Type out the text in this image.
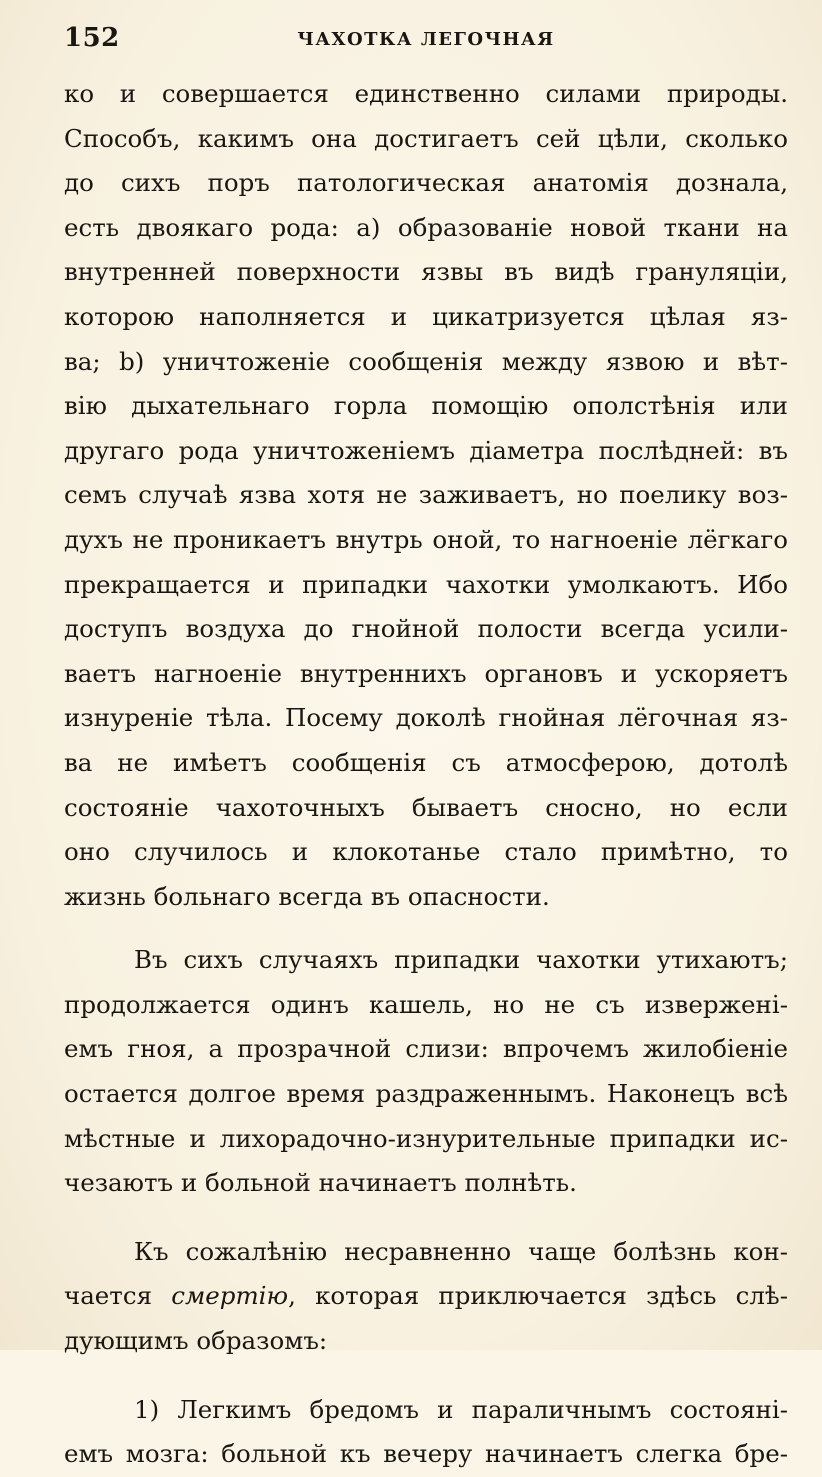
152	ЧАХОТКА ЛЕГОЧНАЯ

ко и совершается единственно силами природы.
Способъ, какимъ она достигаетъ сей цѣли, сколько
до сихъ поръ патологическая анатомія дознала,
есть двоякаго рода: a) образованіе новой ткани на
внутренней поверхности язвы въ видѣ грануляціи,
которою наполняется и цикатризуется цѣлая яз-
ва; b) уничтоженіе сообщенія между язвою и вѣт-
вію дыхательнаго горла помощію ополстѣнія или
другаго рода уничтоженіемъ діаметра послѣдней: въ
семъ случаѣ язва хотя не заживаетъ, но поелику воз-
духъ не проникаетъ внутрь оной, то нагноеніе лёгкаго
прекращается и припадки чахотки умолкаютъ. Ибо
доступъ воздуха до гнойной полости всегда усили-
ваетъ нагноеніе внутреннихъ органовъ и ускоряетъ
изнуреніе тѣла. Посему доколѣ гнойная лёгочная яз-
ва не имѣетъ сообщенія съ атмосферою, дотолѣ
состояніе чахоточныхъ бываетъ сносно, но если
оно случилось и клокотанье стало примѣтно, то
жизнь больнаго всегда въ опасности.

Въ сихъ случаяхъ припадки чахотки утихаютъ;
продолжается одинъ кашель, но не съ изверженi-
емъ гноя, а прозрачной слизи: впрочемъ жилобіеніе
остается долгое время раздраженнымъ. Наконецъ всѣ
мѣстные и лихорадочно-изнурительные припадки ис-
чезаютъ и больной начинаетъ полнѣть.

Къ сожалѣнію несравненно чаще болѣзнь кон-
чается смертію, которая приключается здѣсь слѣ-
дующимъ образомъ:

1) Легкимъ бредомъ и параличнымъ состояні-
емъ мозга: больной къ вечеру начинаетъ слегка бре-
